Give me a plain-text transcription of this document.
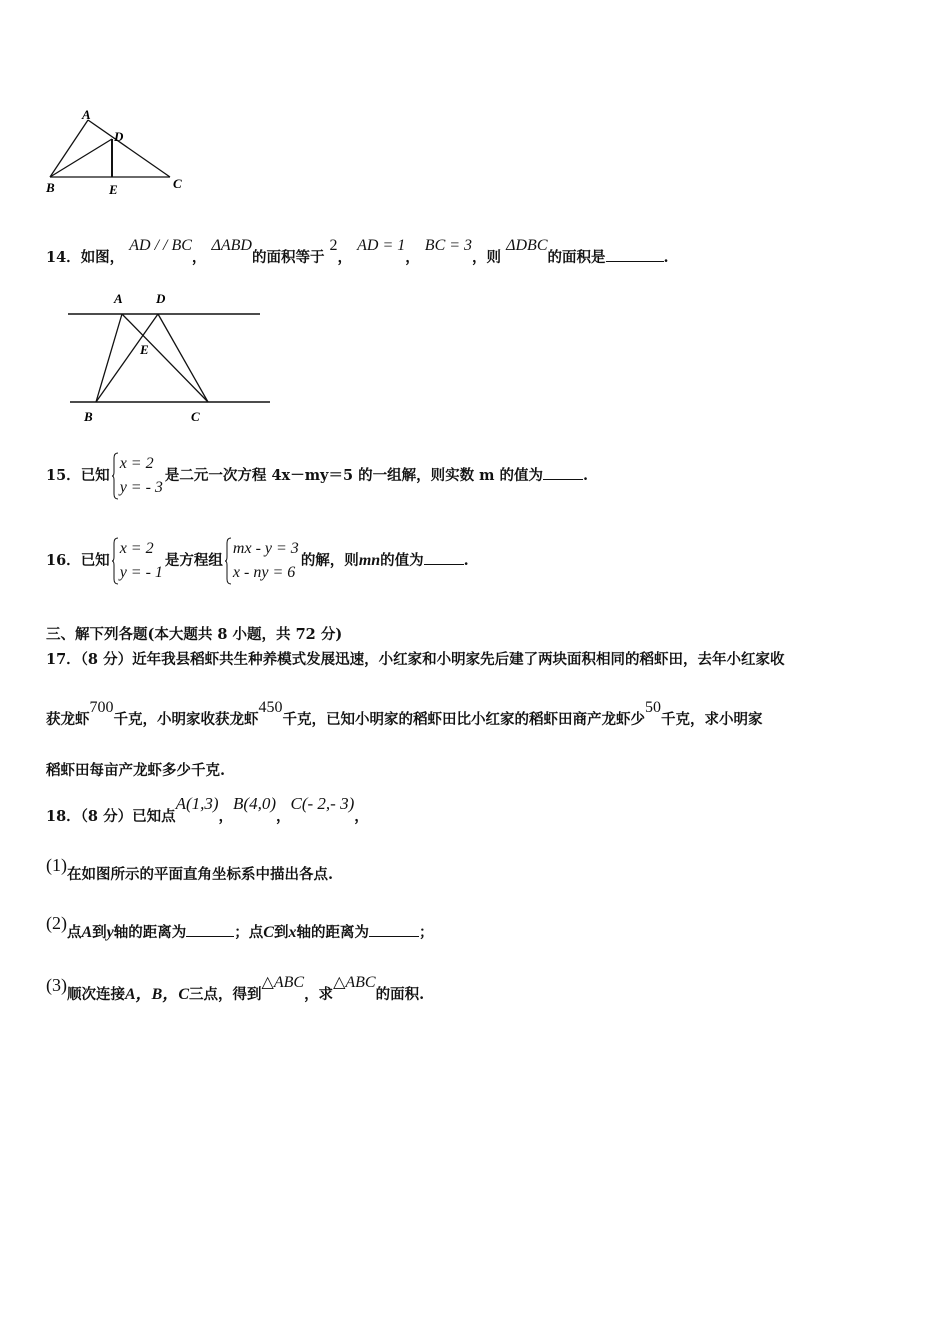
A
D
B	E	C
14．如图， AD / / BC， ΔABD的面积等于 2， AD = 1， BC = 3，则 ΔDBC的面积是	.
A	D
E
B	C
15．已知
x = 2
y = - 3
是二元一次方程 4x－my＝5 的一组解，则实数 m 的值为	.
16．已知
x = 2
y = - 1
是方程组
mx - y = 3
x - ny = 6
的解，则mn的值为	.
三、解下列各题(本大题共 8 小题，共 72 分)
17．（8 分）近年我县稻虾共生种养模式发展迅速，小红家和小明家先后建了两块面积相同的稻虾田，去年小红家收
获龙虾700千克，小明家收获龙虾450千克，已知小明家的稻虾田比小红家的稻虾田商产龙虾少50千克，求小明家
稻虾田每亩产龙虾多少千克.
18．（8 分）已知点A(1,3)，B(4,0)，C(- 2,- 3)，
(1)在如图所示的平面直角坐标系中描出各点.
(2)点A到y轴的距离为	；点C到x轴的距离为	；
(3)顺次连接A，B，C三点，得到△ABC，求△ABC的面积.
